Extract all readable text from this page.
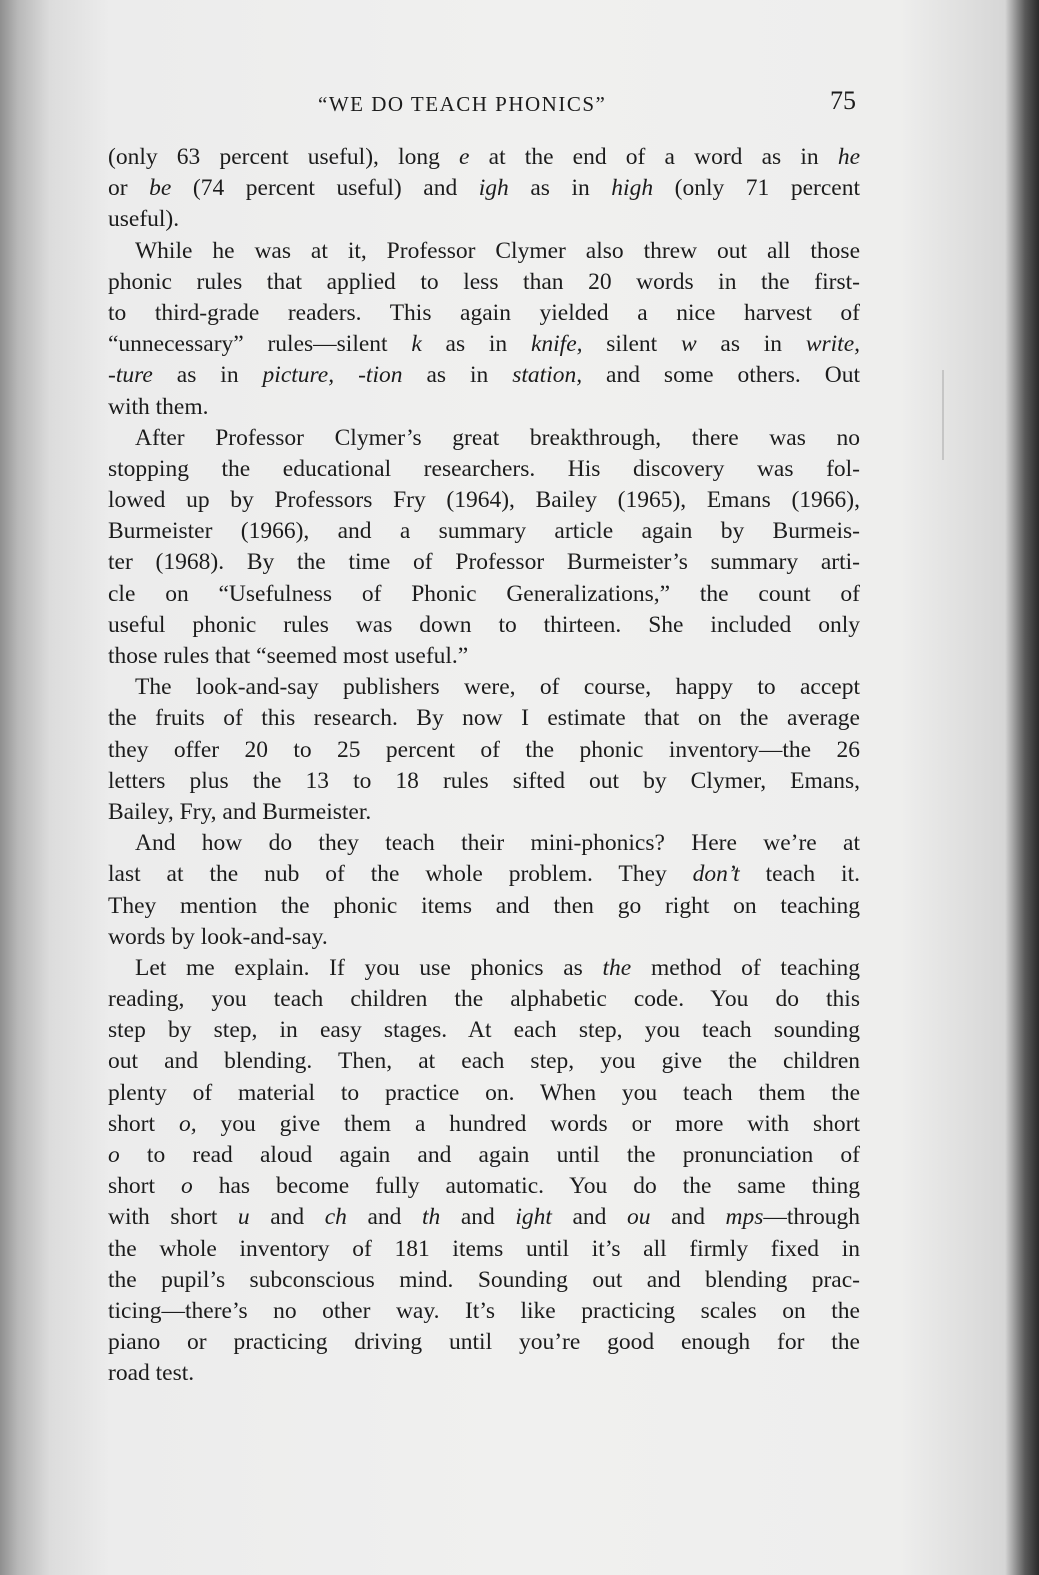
“ WE DO TEACH PHONICS ”	75
(only 63 percent useful), long e at the end of a word as in he
or be (74 percent useful) and igh as in high (only 71 percent
useful).
While he was at it, Professor Clymer also threw out all those
phonic rules that applied to less than 20 words in the first-
to third-grade readers. This again yielded a nice harvest of
“unnecessary” rules—silent k as in knife, silent w as in write,
-ture as in picture, -tion as in station, and some others. Out
with them.
After Professor Clymer’s great breakthrough, there was no
stopping the educational researchers. His discovery was fol-
lowed up by Professors Fry (1964), Bailey (1965), Emans (1966),
Burmeister (1966), and a summary article again by Burmeis-
ter (1968). By the time of Professor Burmeister’s summary arti-
cle on “Usefulness of Phonic Generalizations,” the count of
useful phonic rules was down to thirteen. She included only
those rules that “seemed most useful.”
The look-and-say publishers were, of course, happy to accept
the fruits of this research. By now I estimate that on the average
they offer 20 to 25 percent of the phonic inventory—the 26
letters plus the 13 to 18 rules sifted out by Clymer, Emans,
Bailey, Fry, and Burmeister.
And how do they teach their mini-phonics? Here we’re at
last at the nub of the whole problem. They don’t teach it.
They mention the phonic items and then go right on teaching
words by look-and-say.
Let me explain. If you use phonics as the method of teaching
reading, you teach children the alphabetic code. You do this
step by step, in easy stages. At each step, you teach sounding
out and blending. Then, at each step, you give the children
plenty of material to practice on. When you teach them the
short o, you give them a hundred words or more with short
o to read aloud again and again until the pronunciation of
short o has become fully automatic. You do the same thing
with short u and ch and th and ight and ou and mps—through
the whole inventory of 181 items until it’s all firmly fixed in
the pupil’s subconscious mind. Sounding out and blending prac-
ticing—there’s no other way. It’s like practicing scales on the
piano or practicing driving until you’re good enough for the
road test.
